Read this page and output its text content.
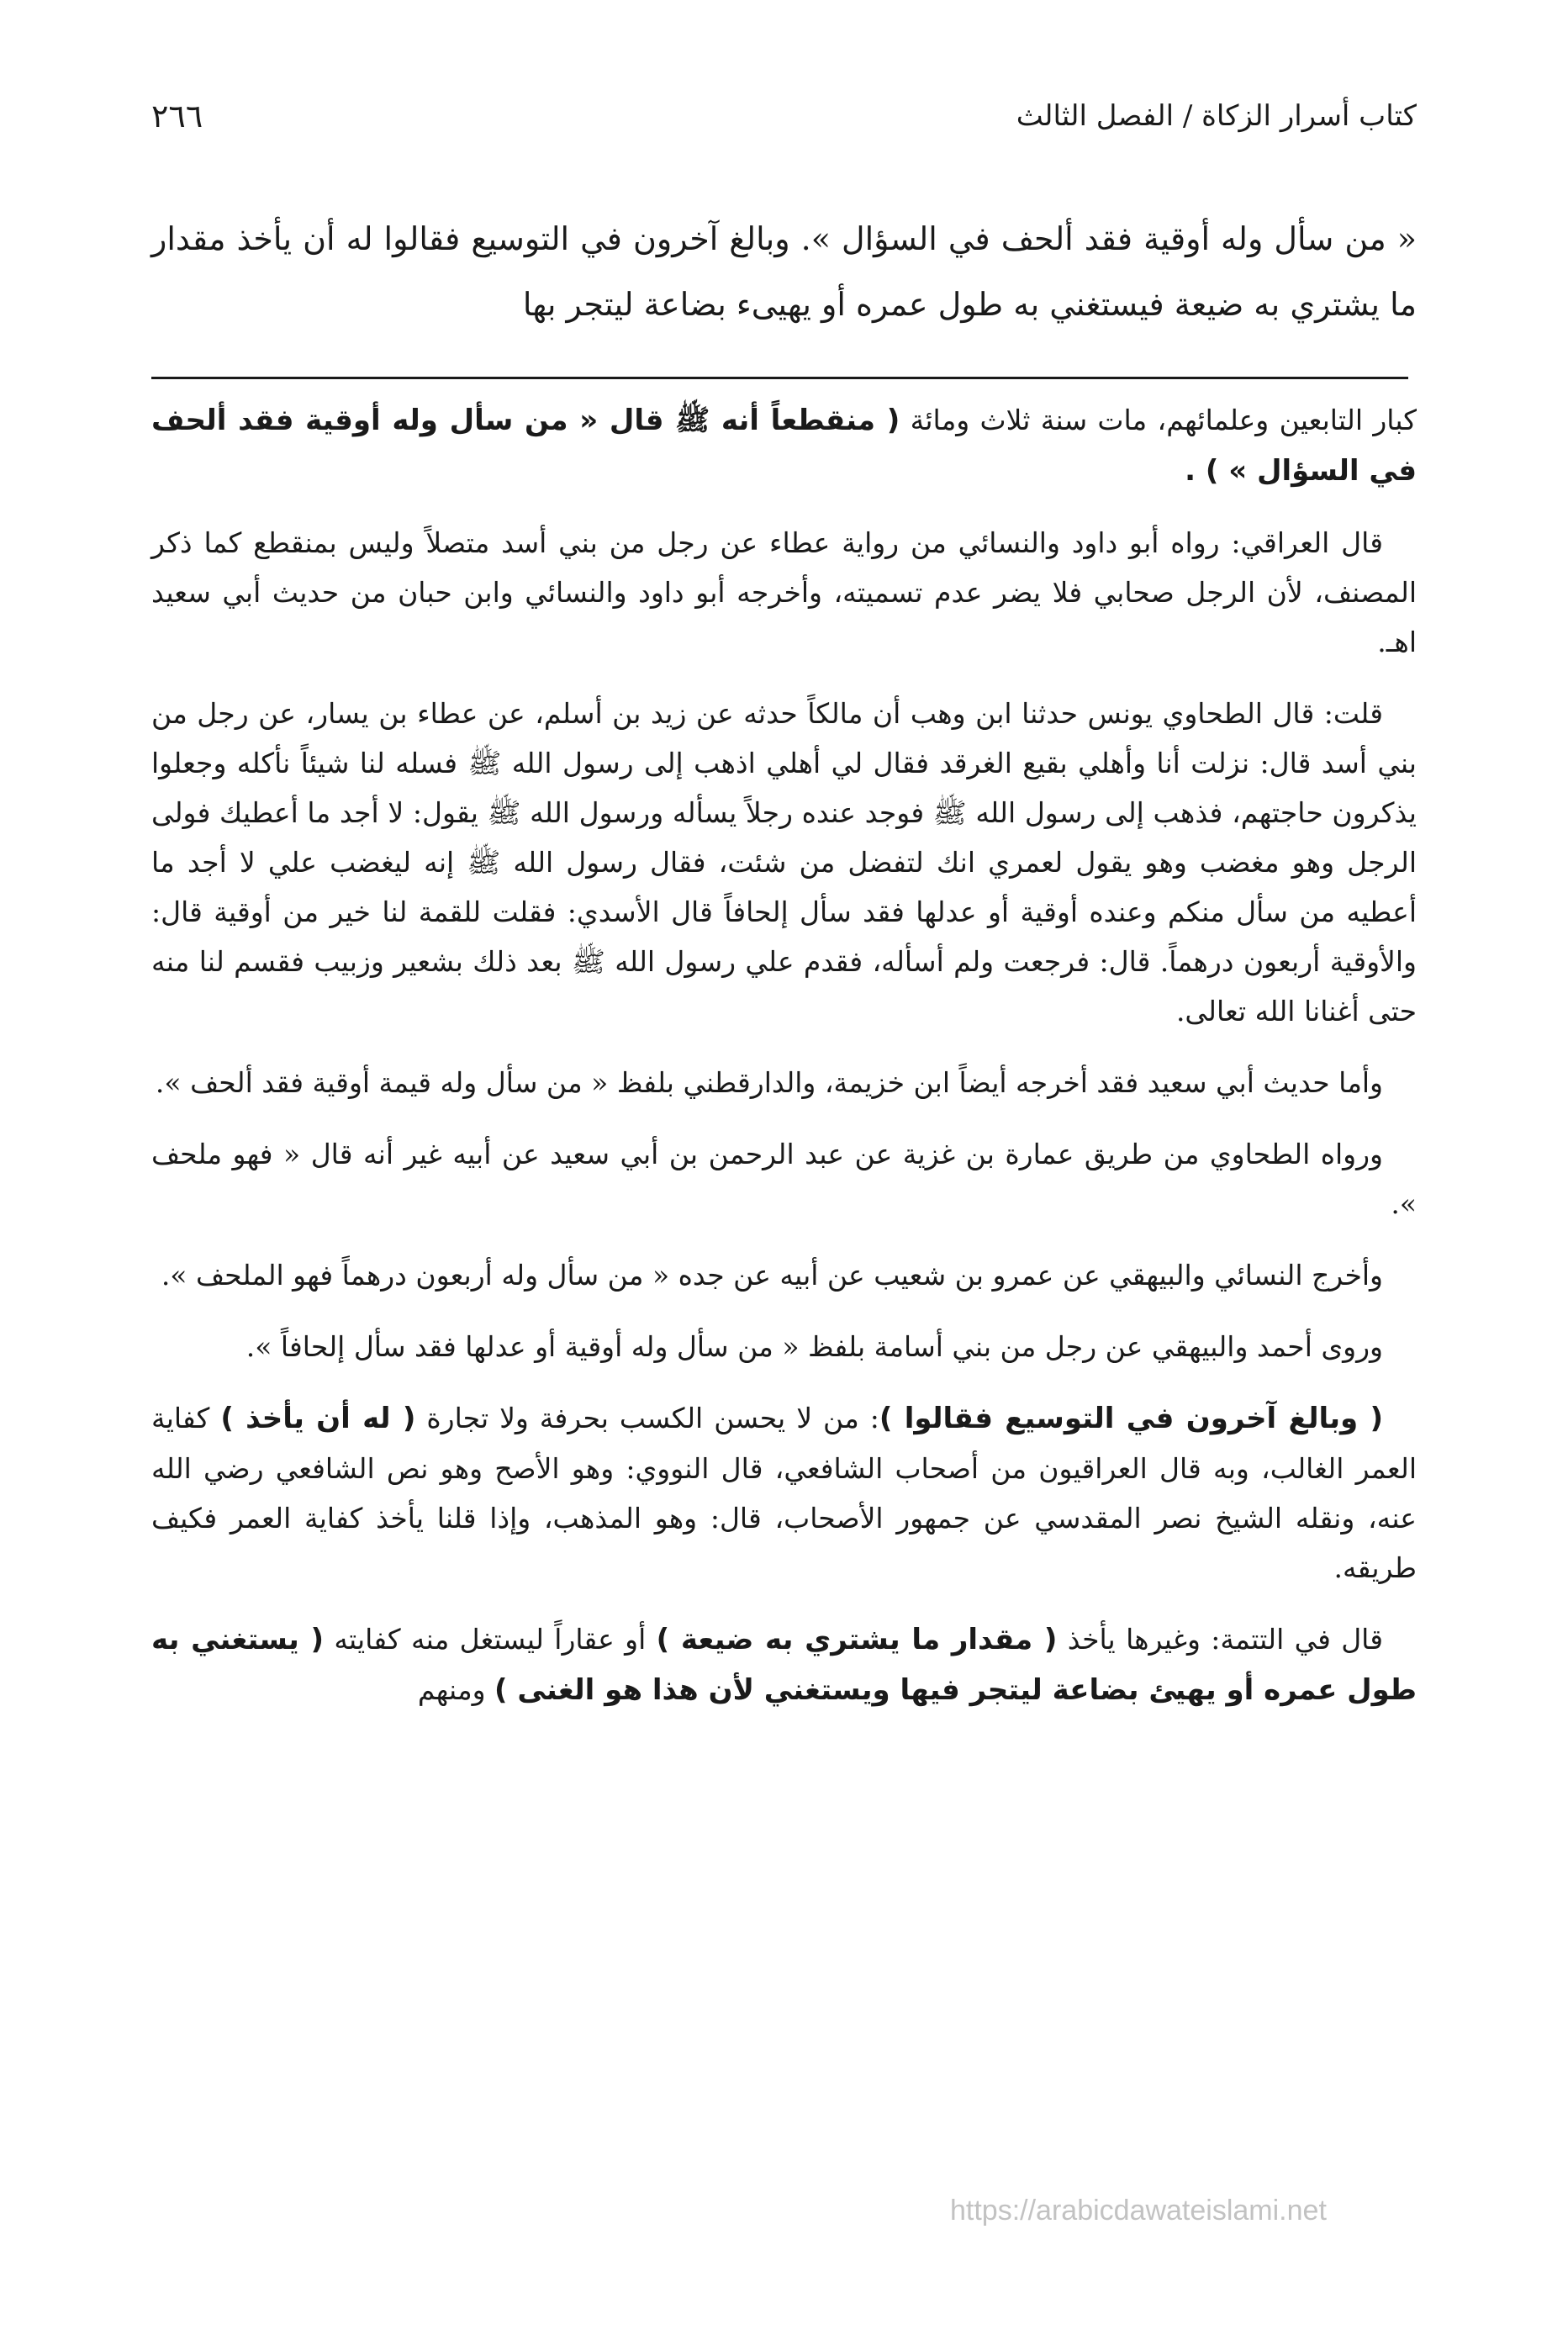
كتاب أسرار الزكاة / الفصل الثالث
٢٦٦

« من سأل وله أوقية فقد ألحف في السؤال ». وبالغ آخرون في التوسيع فقالوا له أن يأخذ مقدار ما يشتري به ضيعة فيستغني به طول عمره أو يهيىء بضاعة ليتجر بها

كبار التابعين وعلمائهم، مات سنة ثلاث ومائة ( منقطعاً أنه ﷺ قال « من سأل وله أوقية فقد ألحف في السؤال » ) .

قال العراقي: رواه أبو داود والنسائي من رواية عطاء عن رجل من بني أسد متصلاً وليس بمنقطع كما ذكر المصنف، لأن الرجل صحابي فلا يضر عدم تسميته، وأخرجه أبو داود والنسائي وابن حبان من حديث أبي سعيد اهـ.

قلت: قال الطحاوي يونس حدثنا ابن وهب أن مالكاً حدثه عن زيد بن أسلم، عن عطاء بن يسار، عن رجل من بني أسد قال: نزلت أنا وأهلي بقيع الغرقد فقال لي أهلي اذهب إلى رسول الله ﷺ فسله لنا شيئاً نأكله وجعلوا يذكرون حاجتهم، فذهب إلى رسول الله ﷺ فوجد عنده رجلاً يسأله ورسول الله ﷺ يقول: لا أجد ما أعطيك فولى الرجل وهو مغضب وهو يقول لعمري انك لتفضل من شئت، فقال رسول الله ﷺ إنه ليغضب علي لا أجد ما أعطيه من سأل منكم وعنده أوقية أو عدلها فقد سأل إلحافاً قال الأسدي: فقلت للقمة لنا خير من أوقية قال: والأوقية أربعون درهماً. قال: فرجعت ولم أسأله، فقدم علي رسول الله ﷺ بعد ذلك بشعير وزبيب فقسم لنا منه حتى أغنانا الله تعالى.

وأما حديث أبي سعيد فقد أخرجه أيضاً ابن خزيمة، والدارقطني بلفظ « من سأل وله قيمة أوقية فقد ألحف ».

ورواه الطحاوي من طريق عمارة بن غزية عن عبد الرحمن بن أبي سعيد عن أبيه غير أنه قال « فهو ملحف ».

وأخرج النسائي والبيهقي عن عمرو بن شعيب عن أبيه عن جده « من سأل وله أربعون درهماً فهو الملحف ».

وروى أحمد والبيهقي عن رجل من بني أسامة بلفظ « من سأل وله أوقية أو عدلها فقد سأل إلحافاً ».

( وبالغ آخرون في التوسيع فقالوا ): من لا يحسن الكسب بحرفة ولا تجارة ( له أن يأخذ ) كفاية العمر الغالب، وبه قال العراقيون من أصحاب الشافعي، قال النووي: وهو الأصح وهو نص الشافعي رضي الله عنه، ونقله الشيخ نصر المقدسي عن جمهور الأصحاب، قال: وهو المذهب، وإذا قلنا يأخذ كفاية العمر فكيف طريقه.

قال في التتمة: وغيرها يأخذ ( مقدار ما يشتري به ضيعة ) أو عقاراً ليستغل منه كفايته ( يستغني به طول عمره أو يهيئ بضاعة ليتجر فيها ويستغني لأن هذا هو الغنى ) ومنهم

https://arabicdawateislami.net
